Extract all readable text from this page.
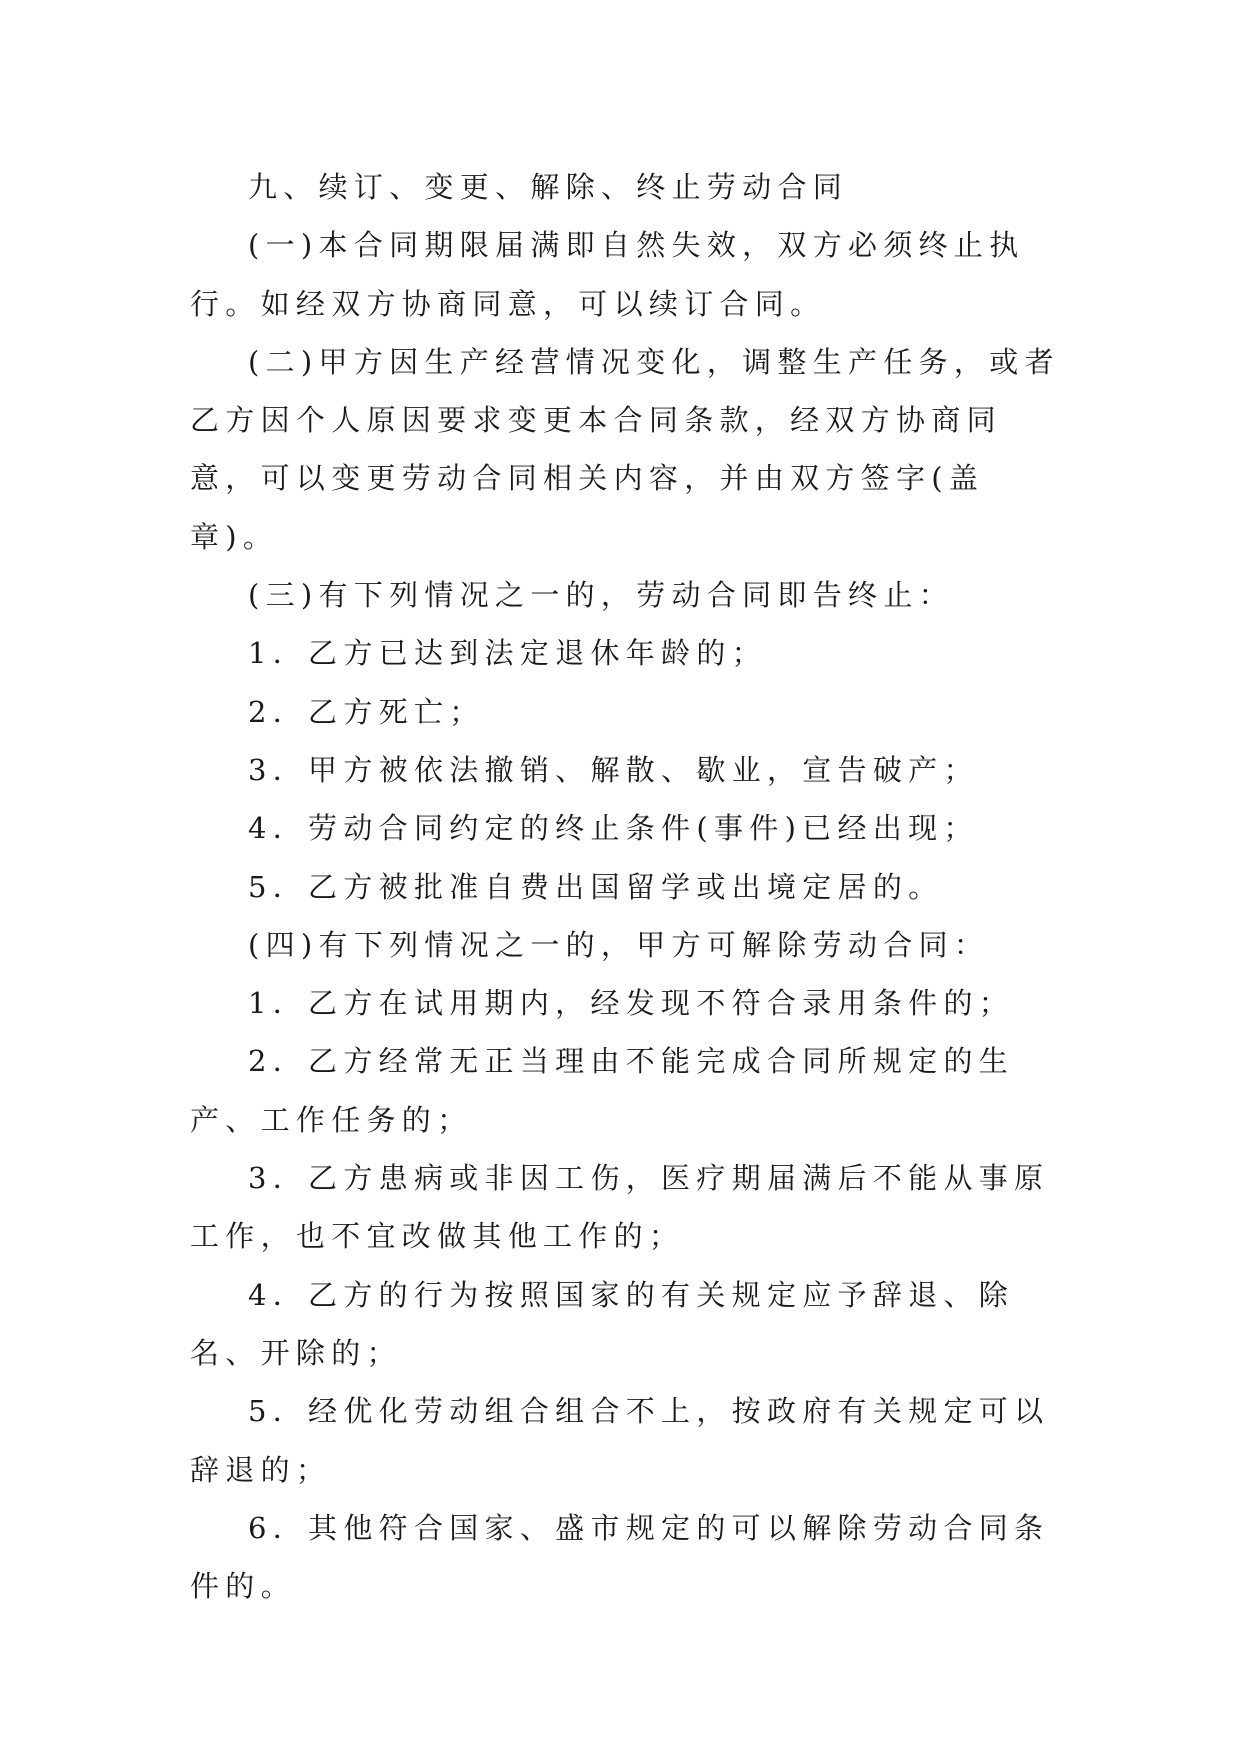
九、续订、变更、解除、终止劳动合同

(一)本合同期限届满即自然失效，双方必须终止执行。如经双方协商同意，可以续订合同。

(二)甲方因生产经营情况变化，调整生产任务，或者乙方因个人原因要求变更本合同条款，经双方协商同意，可以变更劳动合同相关内容，并由双方签字(盖章)。

(三)有下列情况之一的，劳动合同即告终止：

1．乙方已达到法定退休年龄的；

2．乙方死亡；

3．甲方被依法撤销、解散、歇业，宣告破产；

4．劳动合同约定的终止条件(事件)已经出现；

5．乙方被批准自费出国留学或出境定居的。

(四)有下列情况之一的，甲方可解除劳动合同：

1．乙方在试用期内，经发现不符合录用条件的；

2．乙方经常无正当理由不能完成合同所规定的生产、工作任务的；

3．乙方患病或非因工伤，医疗期届满后不能从事原工作，也不宜改做其他工作的；

4．乙方的行为按照国家的有关规定应予辞退、除名、开除的；

5．经优化劳动组合组合不上，按政府有关规定可以辞退的；

6．其他符合国家、盛市规定的可以解除劳动合同条件的。
